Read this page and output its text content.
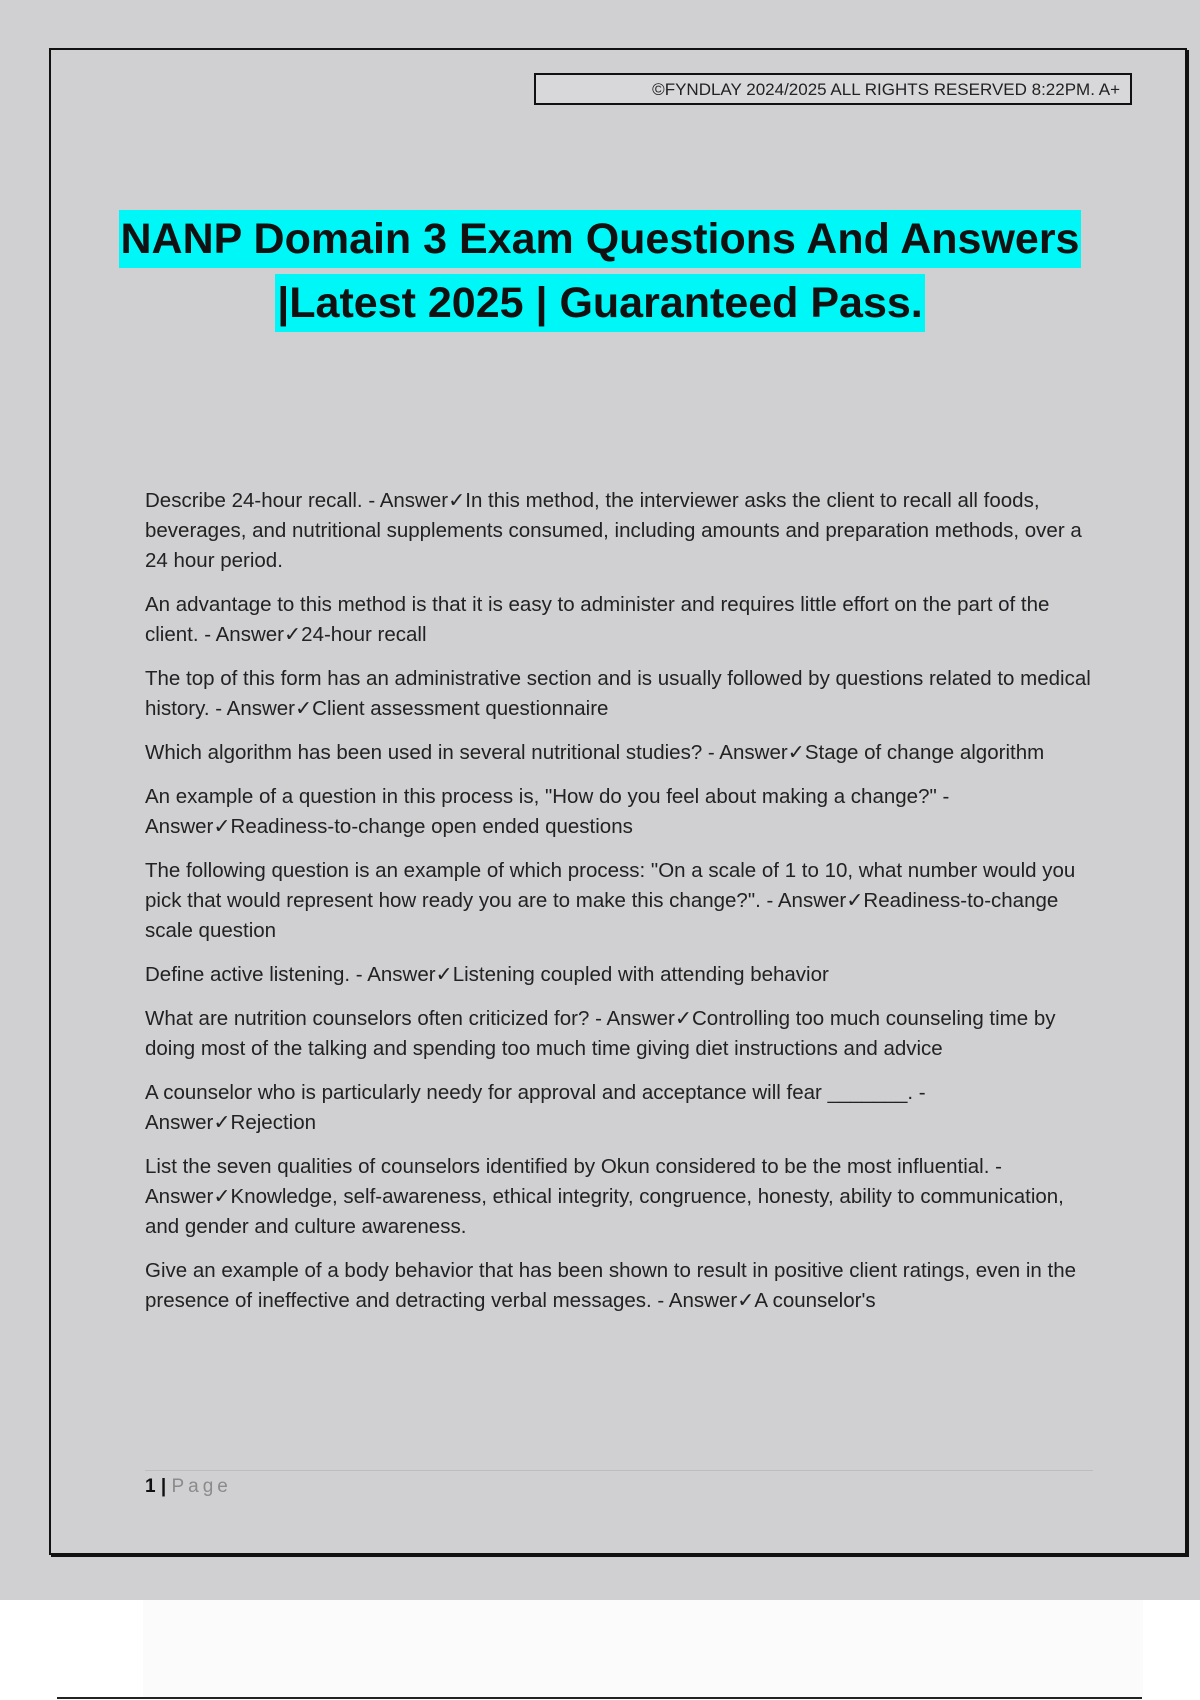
©FYNDLAY 2024/2025 ALL RIGHTS RESERVED 8:22PM. A+
NANP Domain 3 Exam Questions And Answers
|Latest 2025 | Guaranteed Pass.

Describe 24-hour recall. - Answer✓In this method, the interviewer asks the client to recall all foods, beverages, and nutritional supplements consumed, including amounts and preparation methods, over a 24 hour period.

An advantage to this method is that it is easy to administer and requires little effort on the part of the client. - Answer✓24-hour recall

The top of this form has an administrative section and is usually followed by questions related to medical history. - Answer✓Client assessment questionnaire

Which algorithm has been used in several nutritional studies? - Answer✓Stage of change algorithm

An example of a question in this process is, "How do you feel about making a change?" - Answer✓Readiness-to-change open ended questions

The following question is an example of which process: "On a scale of 1 to 10, what number would you pick that would represent how ready you are to make this change?". - Answer✓Readiness-to-change scale question

Define active listening. - Answer✓Listening coupled with attending behavior

What are nutrition counselors often criticized for? - Answer✓Controlling too much counseling time by doing most of the talking and spending too much time giving diet instructions and advice

A counselor who is particularly needy for approval and acceptance will fear _______. - Answer✓Rejection

List the seven qualities of counselors identified by Okun considered to be the most influential. - Answer✓Knowledge, self-awareness, ethical integrity, congruence, honesty, ability to communication, and gender and culture awareness.

Give an example of a body behavior that has been shown to result in positive client ratings, even in the presence of ineffective and detracting verbal messages. - Answer✓A counselor's

1 | Page
